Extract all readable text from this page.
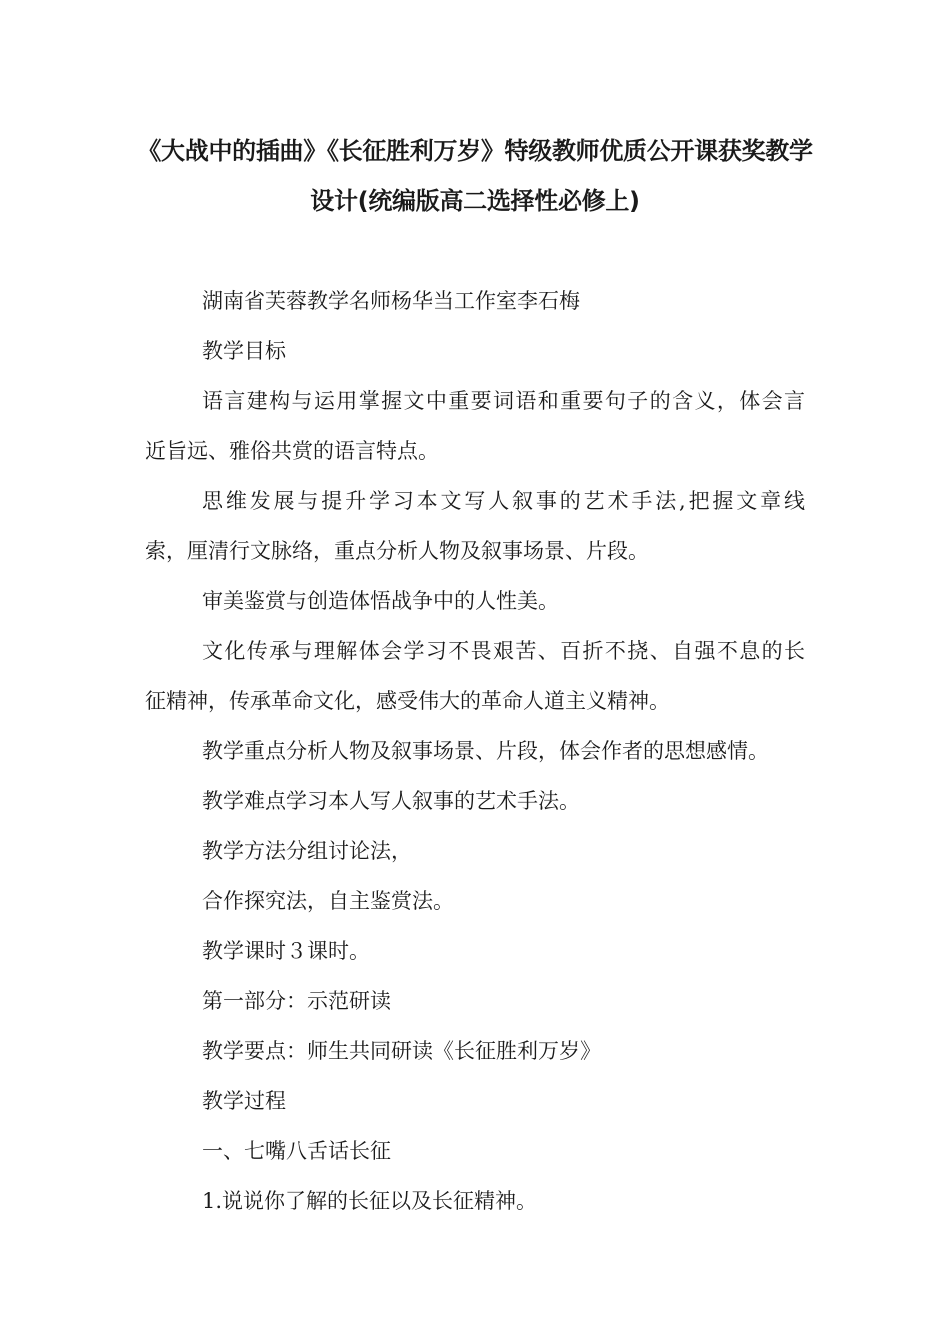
《大战中的插曲》《长征胜利万岁》特级教师优质公开课获奖教学
设计(统编版高二选择性必修上)
湖南省芙蓉教学名师杨华当工作室李石梅
教学目标
语言建构与运用掌握文中重要词语和重要句子的含义，体会言
近旨远、雅俗共赏的语言特点。
思维发展与提升学习本文写人叙事的艺术手法,把握文章线
索，厘清行文脉络，重点分析人物及叙事场景、片段。
审美鉴赏与创造体悟战争中的人性美。
文化传承与理解体会学习不畏艰苦、百折不挠、自强不息的长
征精神，传承革命文化，感受伟大的革命人道主义精神。
教学重点分析人物及叙事场景、片段，体会作者的思想感情。
教学难点学习本人写人叙事的艺术手法。
教学方法分组讨论法，
合作探究法，自主鉴赏法。
教学课时３课时。
第一部分：示范研读
教学要点：师生共同研读《长征胜利万岁》
教学过程
一、七嘴八舌话长征
1.说说你了解的长征以及长征精神。
